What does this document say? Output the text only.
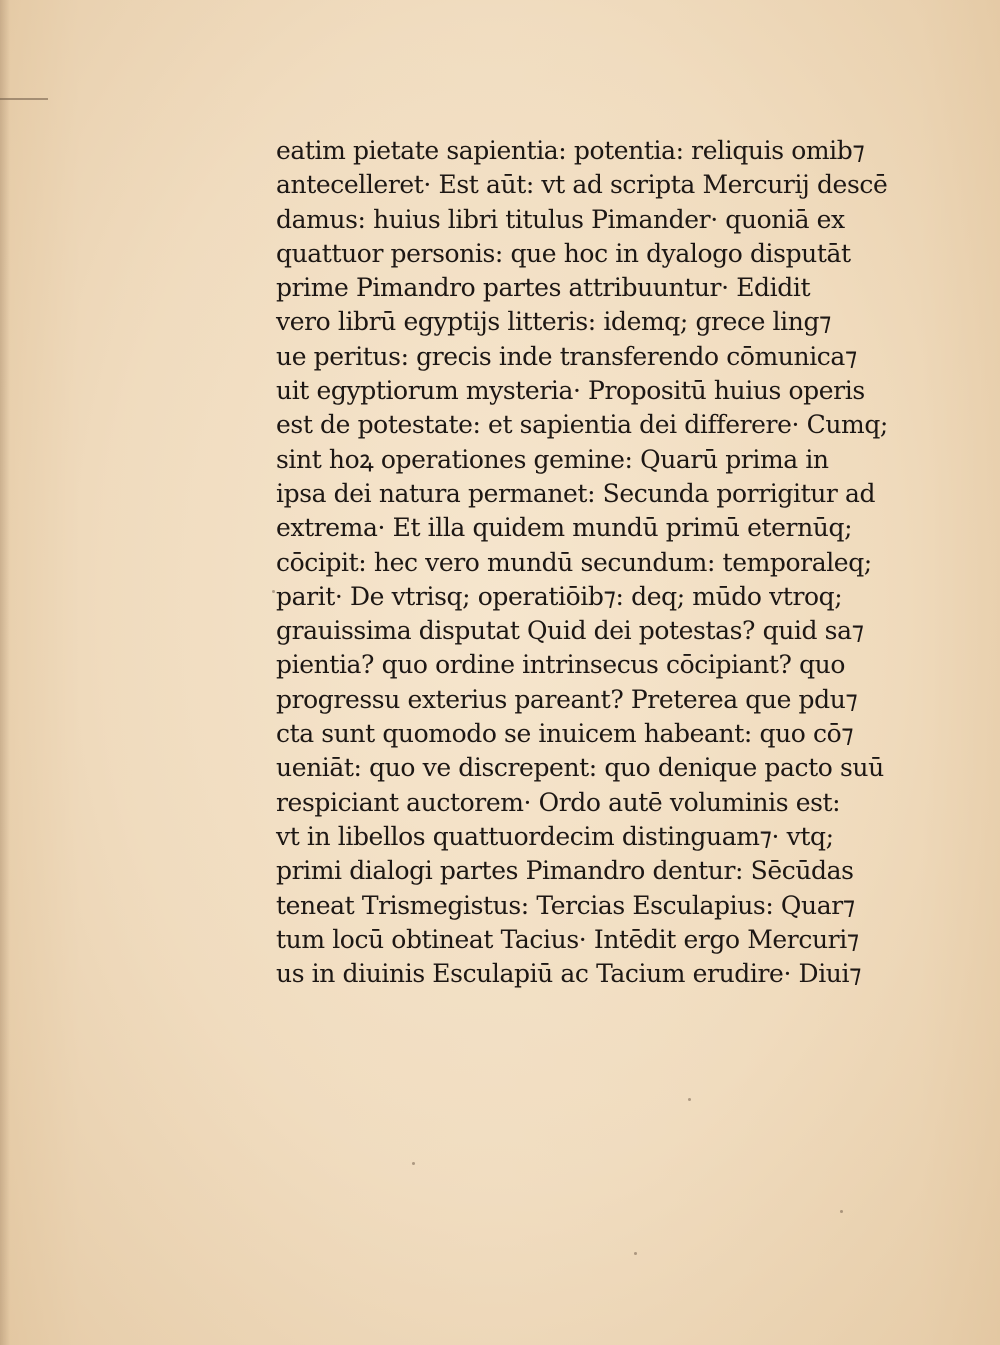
eatim pietate sapientia: potentia: reliquis omib⁊
antecelleret· Est aūt: vt ad scripta Mercurij descē
damus: huius libri titulus Pimander· quoniā ex
quattuor personis: que hoc in dyalogo disputāt
prime Pimandro partes attribuuntur· Edidit
vero librū egyptijs litteris: idemq; grece ling⁊
ue peritus: grecis inde transferendo cōmunica⁊
uit egyptiorum mysteria· Propositū huius operis
est de potestate: et sapientia dei differere· Cumq;
sint hoꝝ operationes gemine: Quarū prima in
ipsa dei natura permanet: Secunda porrigitur ad
extrema· Et illa quidem mundū primū eternūq;
cōcipit: hec vero mundū secundum: temporaleq;
parit· De vtrisq; operatiōib⁊: deq; mūdo vtroq;
grauissima disputat Quid dei potestas? quid sa⁊
pientia? quo ordine intrinsecus cōcipiant? quo
progressu exterius pareant? Preterea que pdu⁊
cta sunt quomodo se inuicem habeant: quo cō⁊
ueniāt: quo ve discrepent: quo denique pacto suū
respiciant auctorem· Ordo autē voluminis est:
vt in libellos quattuordecim distinguam⁊· vtq;
primi dialogi partes Pimandro dentur: Sēcūdas
teneat Trismegistus: Tercias Esculapius: Quar⁊
tum locū obtineat Tacius· Intēdit ergo Mercuri⁊
us in diuinis Esculapiū ac Tacium erudire· Diui⁊
